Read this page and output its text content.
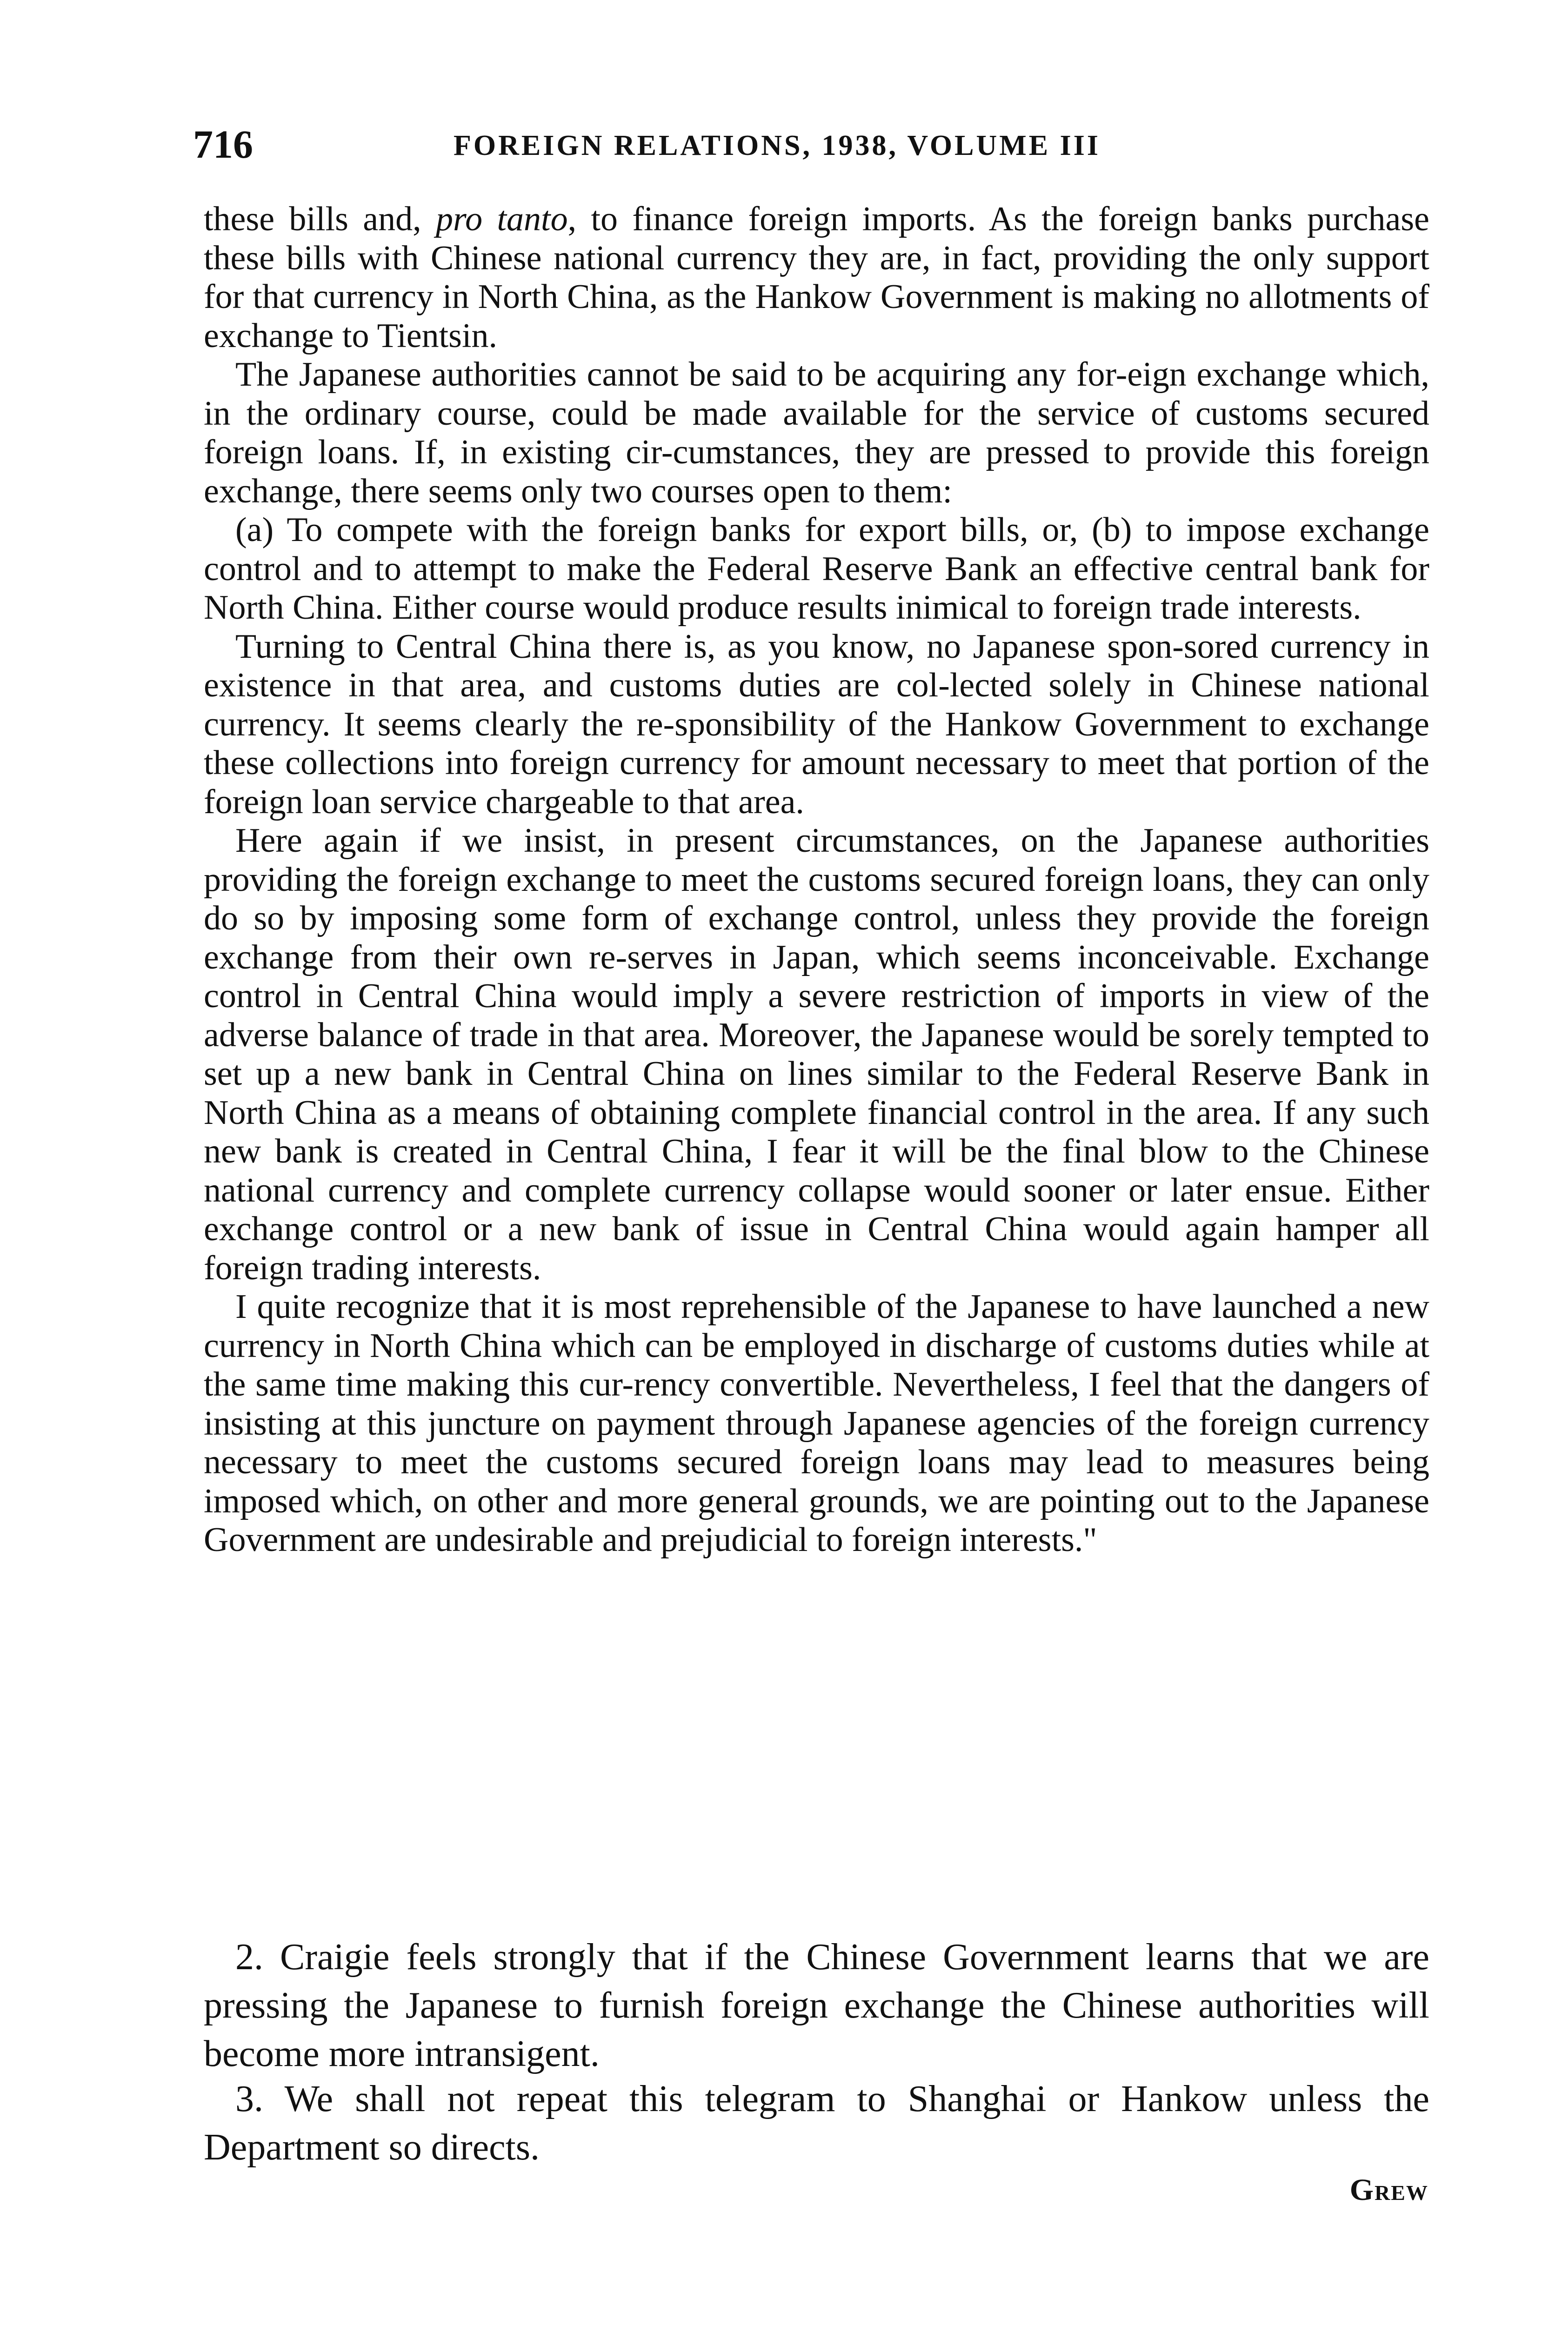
716	FOREIGN RELATIONS, 1938, VOLUME III

these bills and, pro tanto, to finance foreign imports. As the foreign banks purchase these bills with Chinese national currency they are, in fact, providing the only support for that currency in North China, as the Hankow Government is making no allotments of exchange to Tientsin.

The Japanese authorities cannot be said to be acquiring any for-eign exchange which, in the ordinary course, could be made available for the service of customs secured foreign loans. If, in existing cir-cumstances, they are pressed to provide this foreign exchange, there seems only two courses open to them:

(a) To compete with the foreign banks for export bills, or, (b) to impose exchange control and to attempt to make the Federal Reserve Bank an effective central bank for North China. Either course would produce results inimical to foreign trade interests.

Turning to Central China there is, as you know, no Japanese spon-sored currency in existence in that area, and customs duties are col-lected solely in Chinese national currency. It seems clearly the re-sponsibility of the Hankow Government to exchange these collections into foreign currency for amount necessary to meet that portion of the foreign loan service chargeable to that area.

Here again if we insist, in present circumstances, on the Japanese authorities providing the foreign exchange to meet the customs secured foreign loans, they can only do so by imposing some form of exchange control, unless they provide the foreign exchange from their own re-serves in Japan, which seems inconceivable. Exchange control in Central China would imply a severe restriction of imports in view of the adverse balance of trade in that area. Moreover, the Japanese would be sorely tempted to set up a new bank in Central China on lines similar to the Federal Reserve Bank in North China as a means of obtaining complete financial control in the area. If any such new bank is created in Central China, I fear it will be the final blow to the Chinese national currency and complete currency collapse would sooner or later ensue. Either exchange control or a new bank of issue in Central China would again hamper all foreign trading interests.

I quite recognize that it is most reprehensible of the Japanese to have launched a new currency in North China which can be employed in discharge of customs duties while at the same time making this cur-rency convertible. Nevertheless, I feel that the dangers of insisting at this juncture on payment through Japanese agencies of the foreign currency necessary to meet the customs secured foreign loans may lead to measures being imposed which, on other and more general grounds, we are pointing out to the Japanese Government are undesirable and prejudicial to foreign interests."

2. Craigie feels strongly that if the Chinese Government learns that we are pressing the Japanese to furnish foreign exchange the Chinese authorities will become more intransigent.

3. We shall not repeat this telegram to Shanghai or Hankow unless the Department so directs.

Grew
